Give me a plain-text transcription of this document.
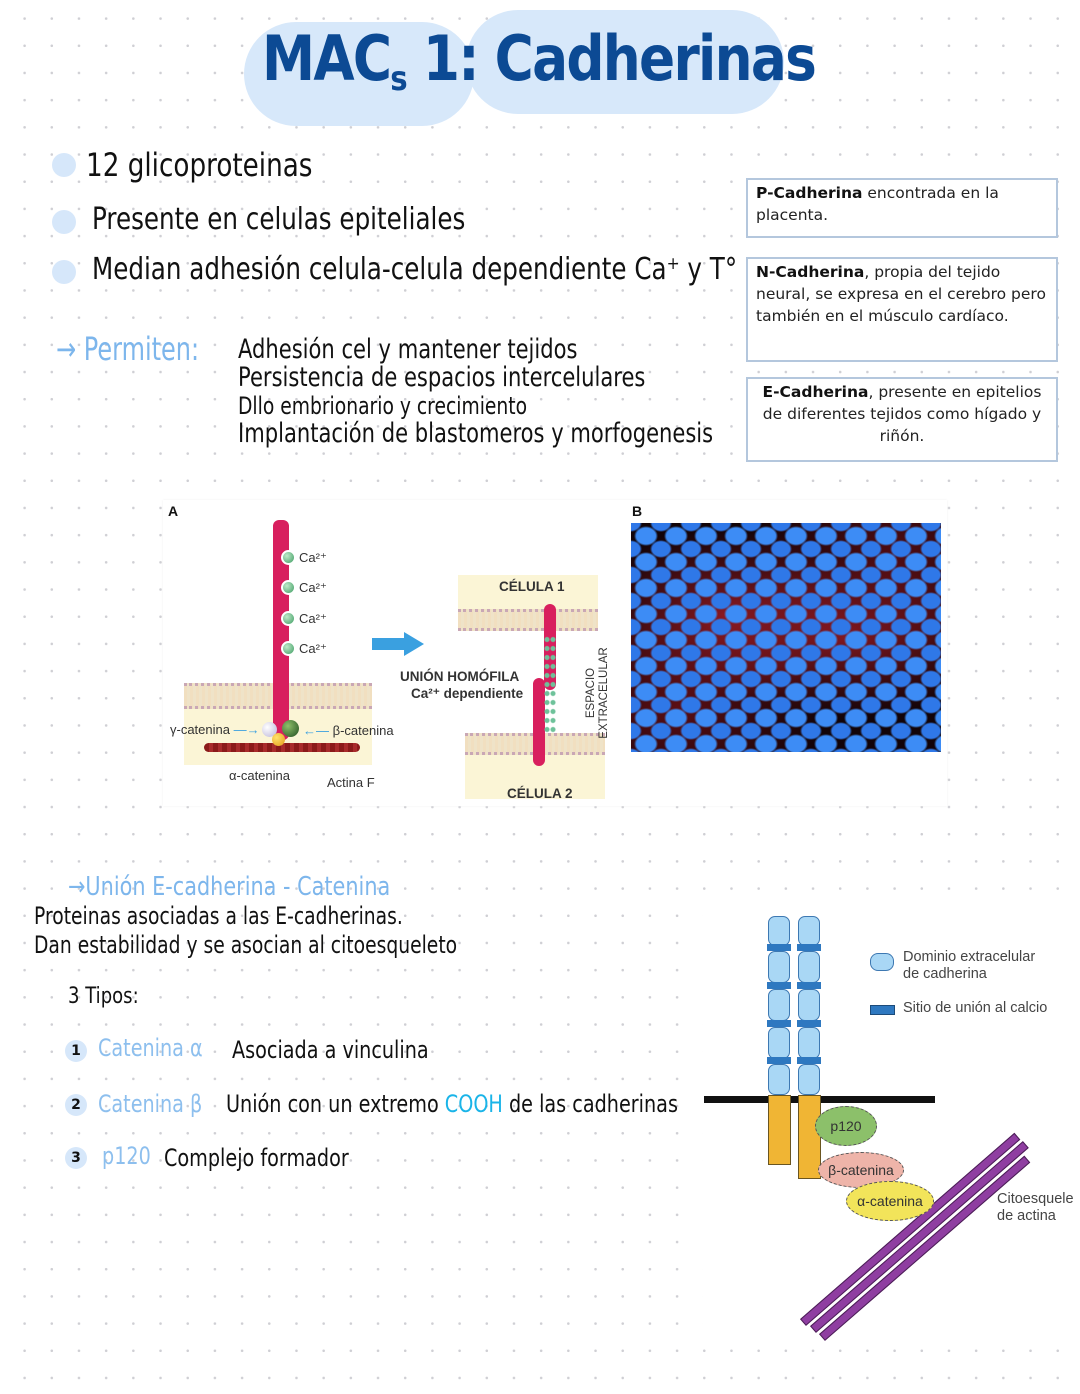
$MAC_s$ 1: Cadherinas
12 glicoproteinas
Presente en celulas epiteliales
Median adhesión celula-celula dependiente Ca⁺ y T°
→ Permiten: Adhesión cel y mantener tejidos
Persistencia de espacios intercelulares
Dllo embrionario y crecimiento
Implantación de blastomeros y morfogenesis
P-Cadherina encontrada en la placenta.
N-Cadherina, propia del tejido neural, se expresa en el cerebro pero también en el músculo cardíaco.
E-Cadherina, presente en epitelios de diferentes tejidos como hígado y riñón.
A	B
Ca²⁺
Ca²⁺
Ca²⁺
Ca²⁺
γ-catenina —→	←— β-catenina
α-catenina	Actina F
UNIÓN HOMÓFILA
Ca²⁺ dependiente
CÉLULA 1
CÉLULA 2
ESPACIO EXTRACELULAR
→Unión E-cadherina - Catenina
Proteinas asociadas a las E-cadherinas.
Dan estabilidad y se asocian al citoesqueleto
3 Tipos:
1 Catenina α Asociada a vinculina
2 Catenina β Unión con un extremo COOH de las cadherinas
3 p120 Complejo formador
p120
β-catenina
α-catenina
Dominio extracelular
de cadherina
Sitio de unión al calcio
Citoesquele
de actina
